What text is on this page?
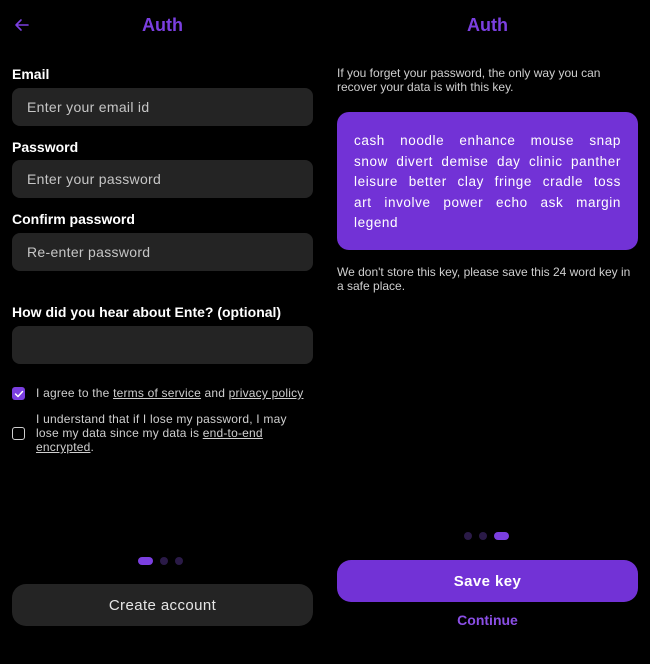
Auth
Email
Enter your email id
Password
Confirm password
How did you hear about Ente? (optional)
I agree to the terms of service and privacy policy
I understand that if I lose my password, I may lose my data since my data is end-to-end encrypted.
Create account
Auth
If you forget your password, the only way you can recover your data is with this key.
cash noodle enhance mouse snap snow divert demise day clinic panther leisure better clay fringe cradle toss art involve power echo ask margin legend
We don't store this key, please save this 24 word key in a safe place.
Save key
Continue
